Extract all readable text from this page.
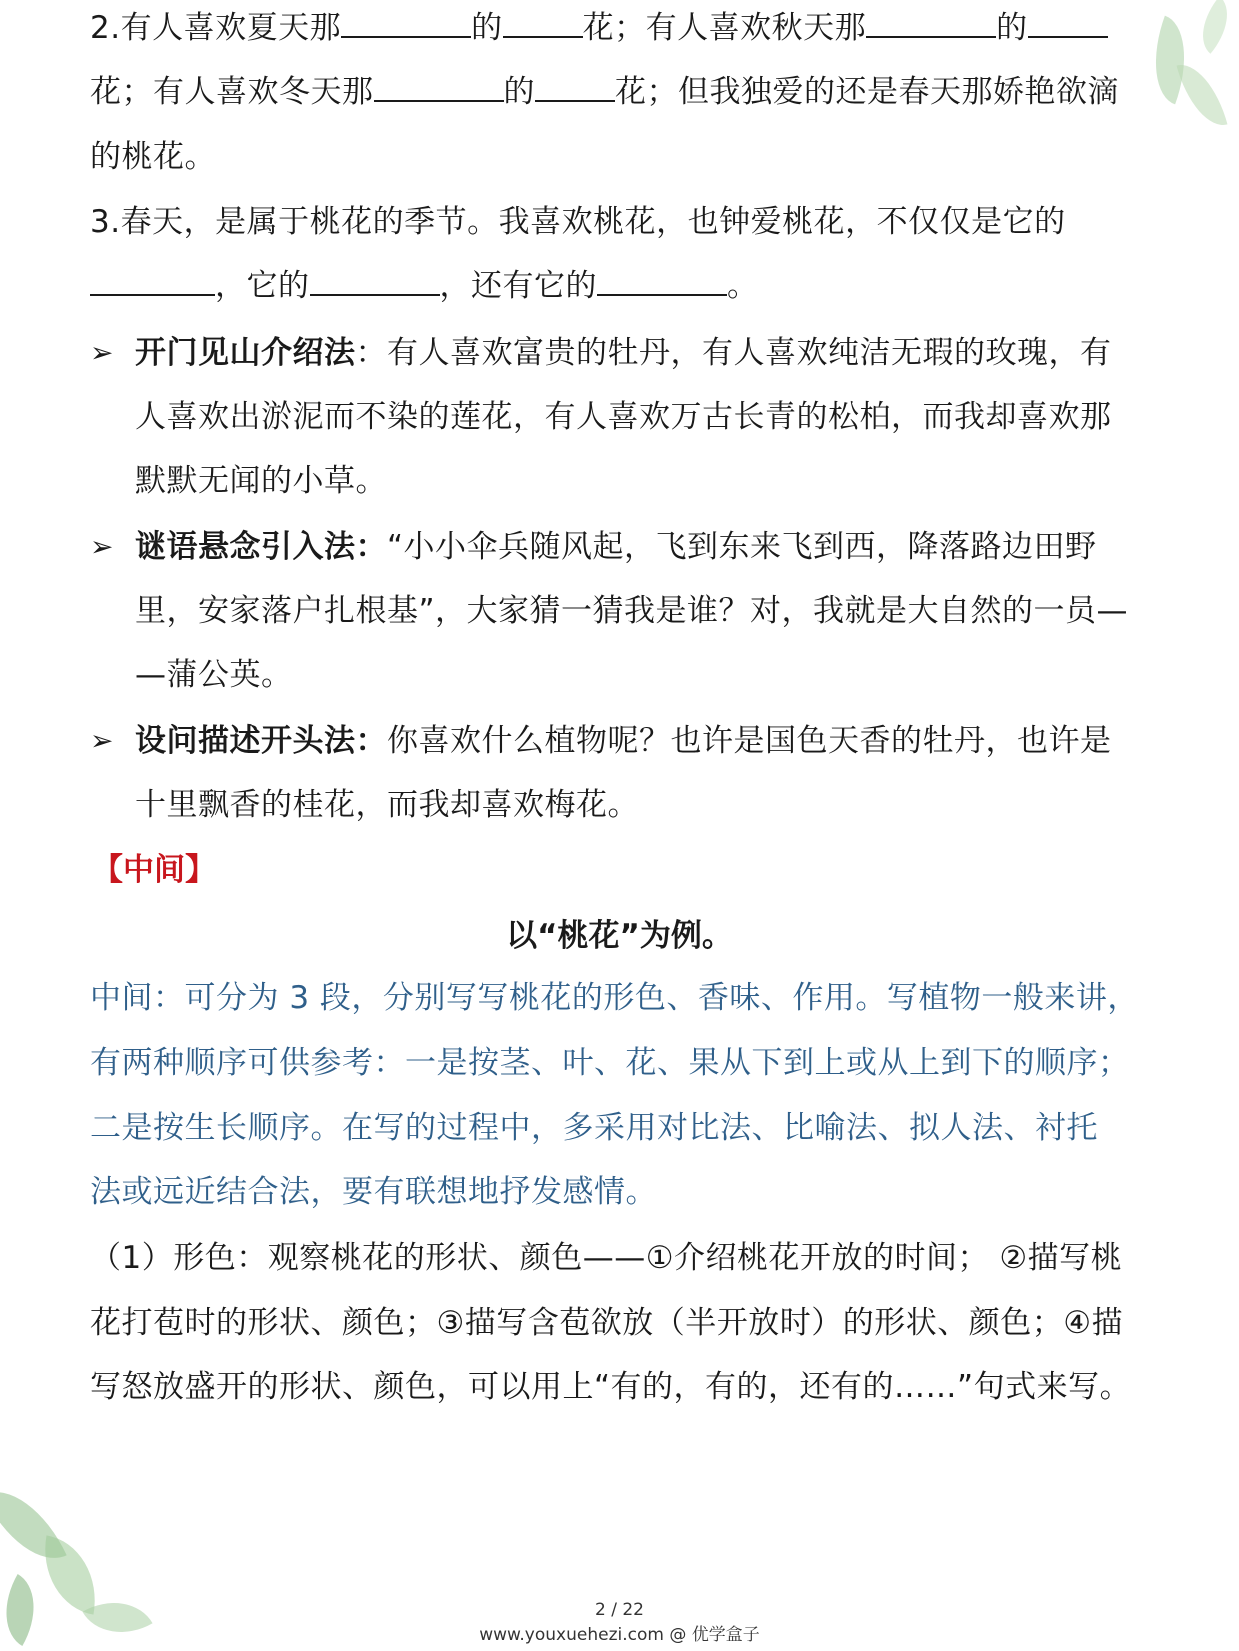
2.有人喜欢夏天那	的	花；有人喜欢秋天那	的
花；有人喜欢冬天那	的	花；但我独爱的还是春天那娇艳欲滴
的桃花。
3.春天，是属于桃花的季节。我喜欢桃花，也钟爱桃花，不仅仅是它的
，它的	，还有它的	。
➢ 开门见山介绍法：有人喜欢富贵的牡丹，有人喜欢纯洁无瑕的玫瑰，有
人喜欢出淤泥而不染的莲花，有人喜欢万古长青的松柏，而我却喜欢那
默默无闻的小草。
➢ 谜语悬念引入法：“小小伞兵随风起，飞到东来飞到西，降落路边田野
里，安家落户扎根基”，大家猜一猜我是谁？对，我就是大自然的一员—
—蒲公英。
➢ 设问描述开头法：你喜欢什么植物呢？也许是国色天香的牡丹，也许是
十里飘香的桂花，而我却喜欢梅花。
【中间】
以“桃花”为例。
中间：可分为 3 段，分别写写桃花的形色、香味、作用。写植物一般来讲，
有两种顺序可供参考：一是按茎、叶、花、果从下到上或从上到下的顺序；
二是按生长顺序。在写的过程中，多采用对比法、比喻法、拟人法、衬托
法或远近结合法，要有联想地抒发感情。
（1）形色：观察桃花的形状、颜色——①介绍桃花开放的时间； ②描写桃
花打苞时的形状、颜色；③描写含苞欲放（半开放时）的形状、颜色；④描
写怒放盛开的形状、颜色，可以用上“有的，有的，还有的……”句式来写。
2 / 22
www.youxuehezi.com @ 优学盒子
